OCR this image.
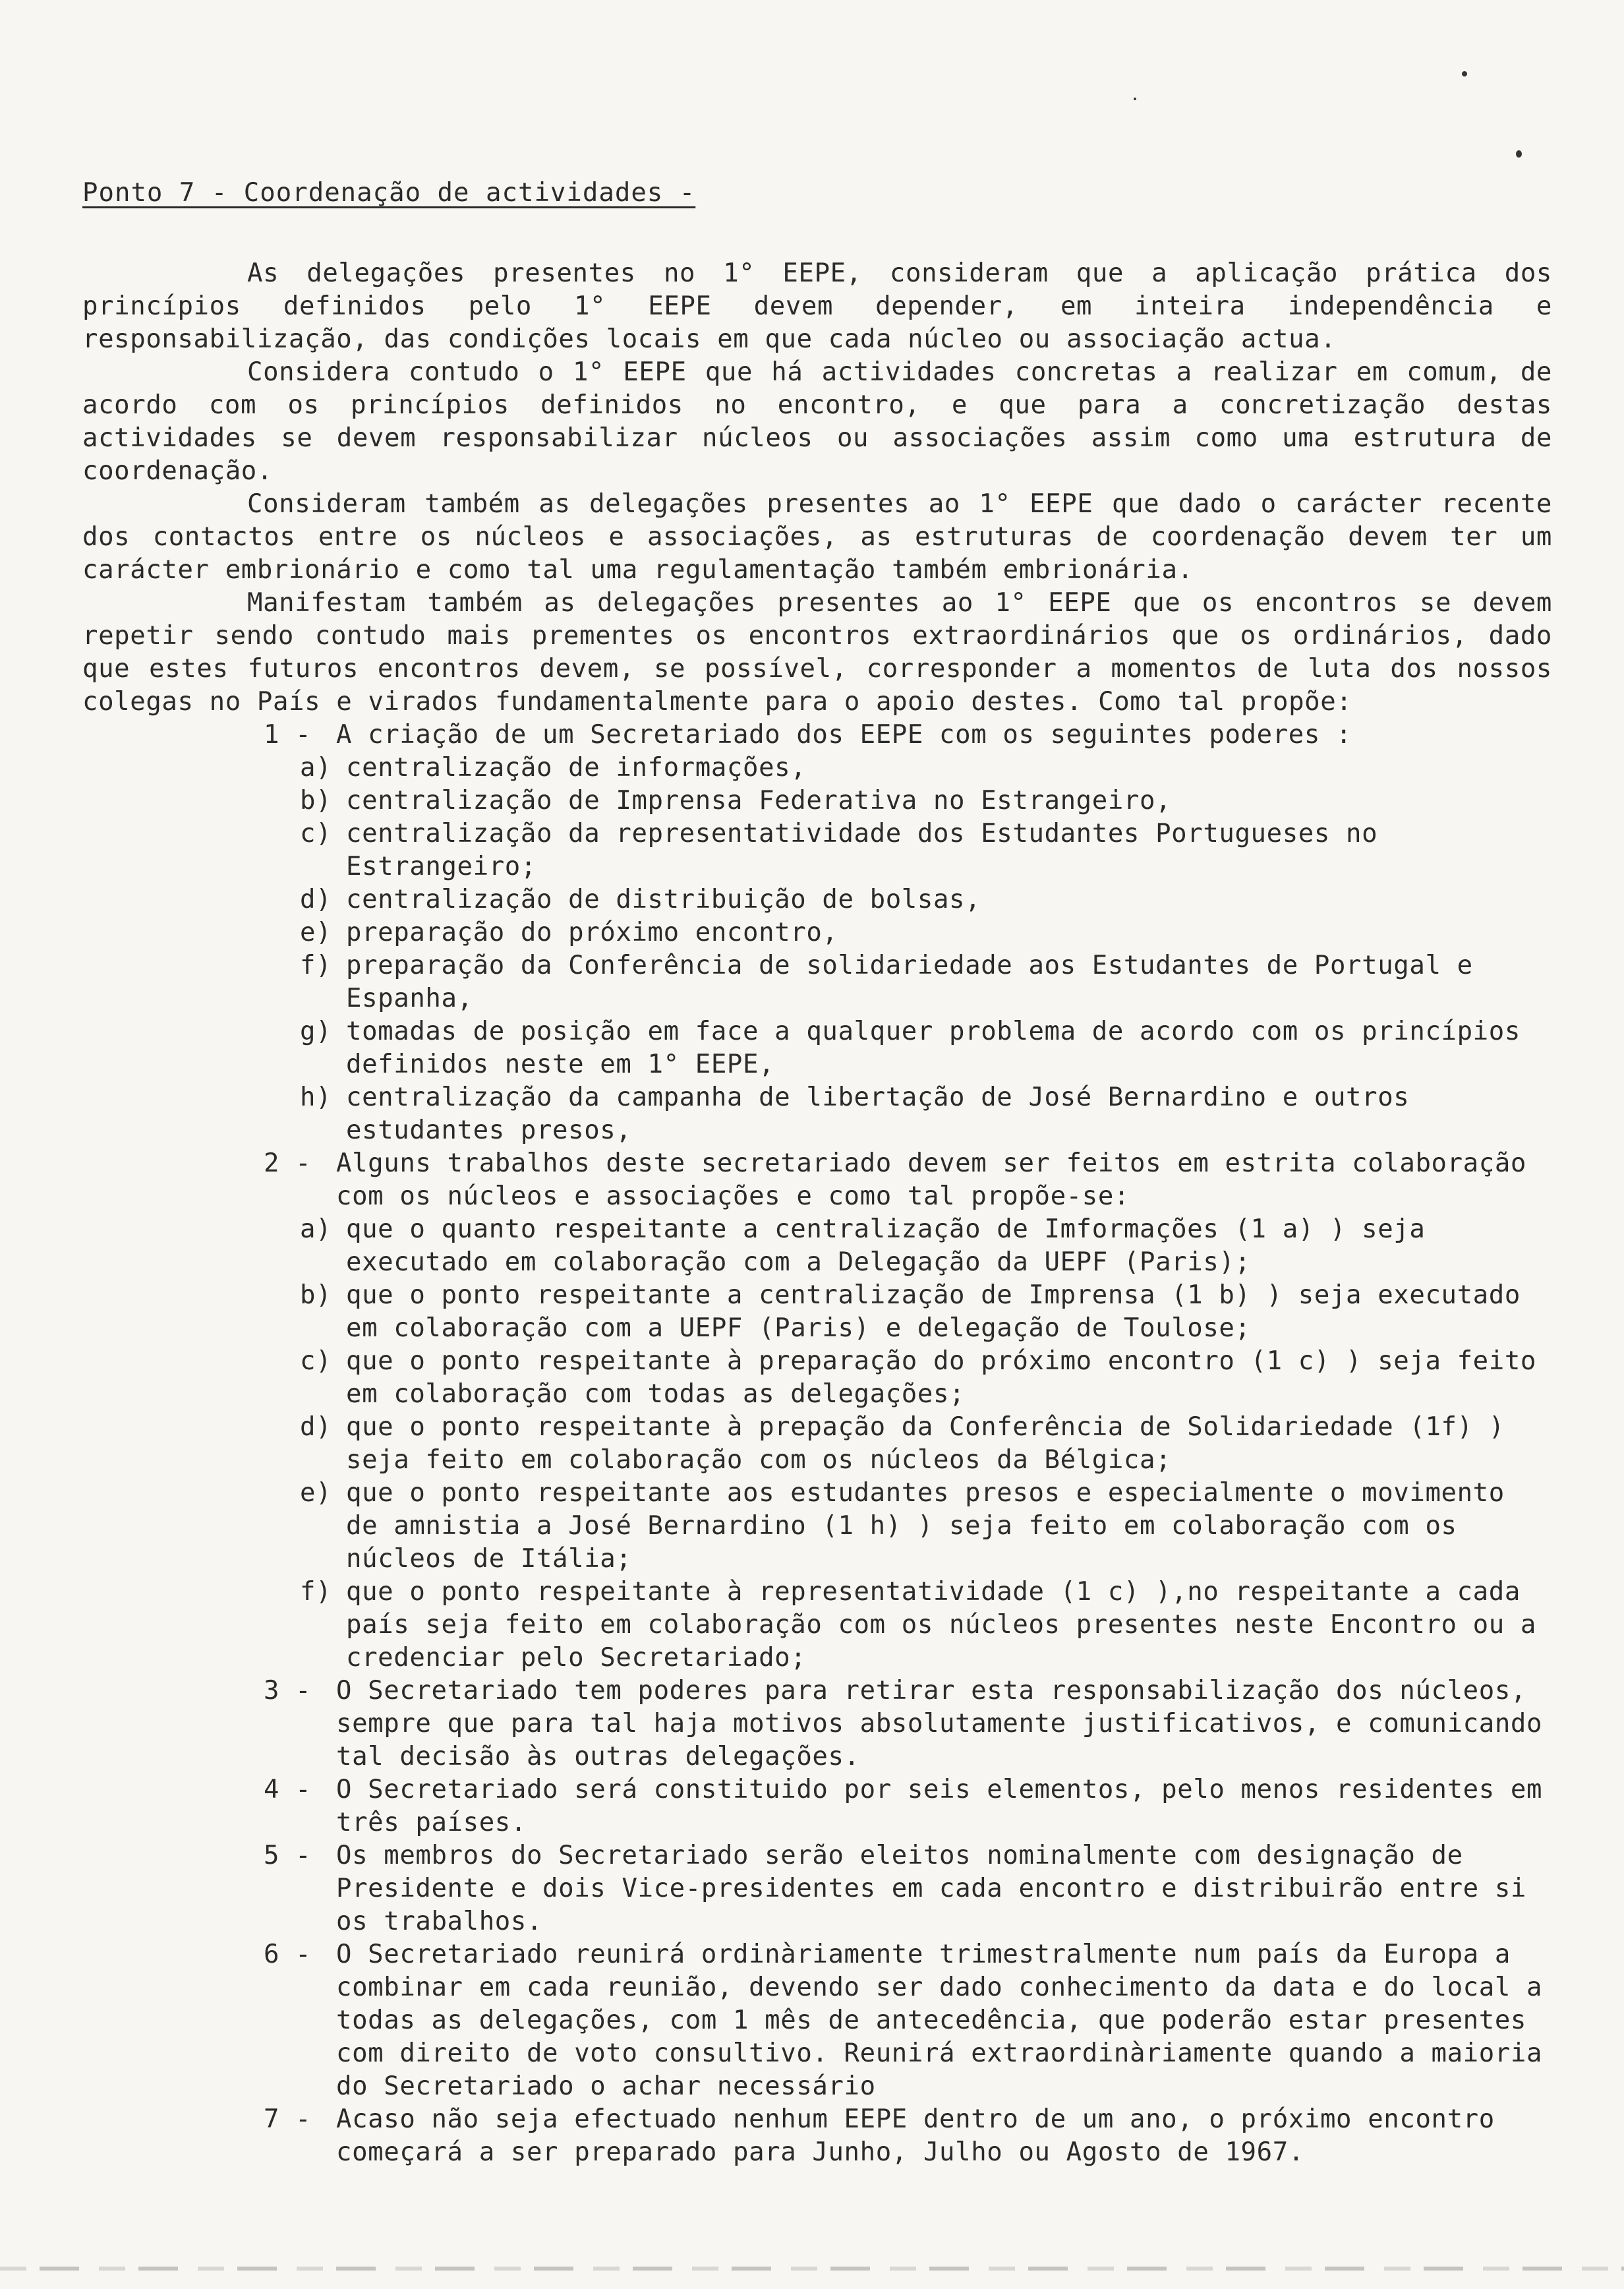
Ponto 7 - Coordenação de actividades -

As delegações presentes no 1° EEPE, consideram que a aplicação prática dos princípios definidos pelo 1° EEPE devem depender, em inteira independência e responsabilização, das condições locais em que cada núcleo ou associação actua.

Considera contudo o 1° EEPE que há actividades concretas a realizar em comum, de acordo com os princípios definidos no encontro, e que para a concretização destas actividades se devem responsabilizar núcleos ou associações assim como uma estrutura de coordenação.

Consideram também as delegações presentes ao 1° EEPE que dado o carácter recente dos contactos entre os núcleos e associações, as estruturas de coordenação devem ter um carácter embrionário e como tal uma regulamentação também embrionária.

Manifestam também as delegações presentes ao 1° EEPE que os encontros se devem repetir sendo contudo mais prementes os encontros extraordinários que os ordinários, dado que estes futuros encontros devem, se possível, corresponder a momentos de luta dos nossos colegas no País e virados fundamentalmente para o apoio destes. Como tal propõe:

1 - A criação de um Secretariado dos EEPE com os seguintes poderes :
a) centralização de informações,
b) centralização de Imprensa Federativa no Estrangeiro,
c) centralização da representatividade dos Estudantes Portugueses no Estrangeiro;
d) centralização de distribuição de bolsas,
e) preparação do próximo encontro,
f) preparação da Conferência de solidariedade aos Estudantes de Portugal e Espanha,
g) tomadas de posição em face a qualquer problema de acordo com os princípios definidos neste em 1° EEPE,
h) centralização da campanha de libertação de José Bernardino e outros estudantes presos,
2 - Alguns trabalhos deste secretariado devem ser feitos em estrita colaboração com os núcleos e associações e como tal propõe-se:
a) que o quanto respeitante a centralização de Imformações (1 a) ) seja executado em colaboração com a Delegação da UEPF (Paris);
b) que o ponto respeitante a centralização de Imprensa (1 b) ) seja executado em colaboração com a UEPF (Paris) e delegação de Toulose;
c) que o ponto respeitante à preparação do próximo encontro (1 c) ) seja feito em colaboração com todas as delegações;
d) que o ponto respeitante à prepação da Conferência de Solidariedade (1f) ) seja feito em colaboração com os núcleos da Bélgica;
e) que o ponto respeitante aos estudantes presos e especialmente o movimento de amnistia a José Bernardino (1 h) ) seja feito em colaboração com os núcleos de Itália;
f) que o ponto respeitante à representatividade (1 c) ),no respeitante a cada país seja feito em colaboração com os núcleos presentes neste Encontro ou a credenciar pelo Secretariado;
3 - O Secretariado tem poderes para retirar esta responsabilização dos núcleos, sempre que para tal haja motivos absolutamente justificativos, e comunicando tal decisão às outras delegações.
4 - O Secretariado será constituido por seis elementos, pelo menos residentes em três países.
5 - Os membros do Secretariado serão eleitos nominalmente com designação de Presidente e dois Vice-presidentes em cada encontro e distribuirão entre si os trabalhos.
6 - O Secretariado reunirá ordinàriamente trimestralmente num país da Europa a combinar em cada reunião, devendo ser dado conhecimento da data e do local a todas as delegações, com 1 mês de antecedência, que poderão estar presentes com direito de voto consultivo. Reunirá extraordinàriamente quando a maioria do Secretariado o achar necessário
7 - Acaso não seja efectuado nenhum EEPE dentro de um ano, o próximo encontro começará a ser preparado para Junho, Julho ou Agosto de 1967.
